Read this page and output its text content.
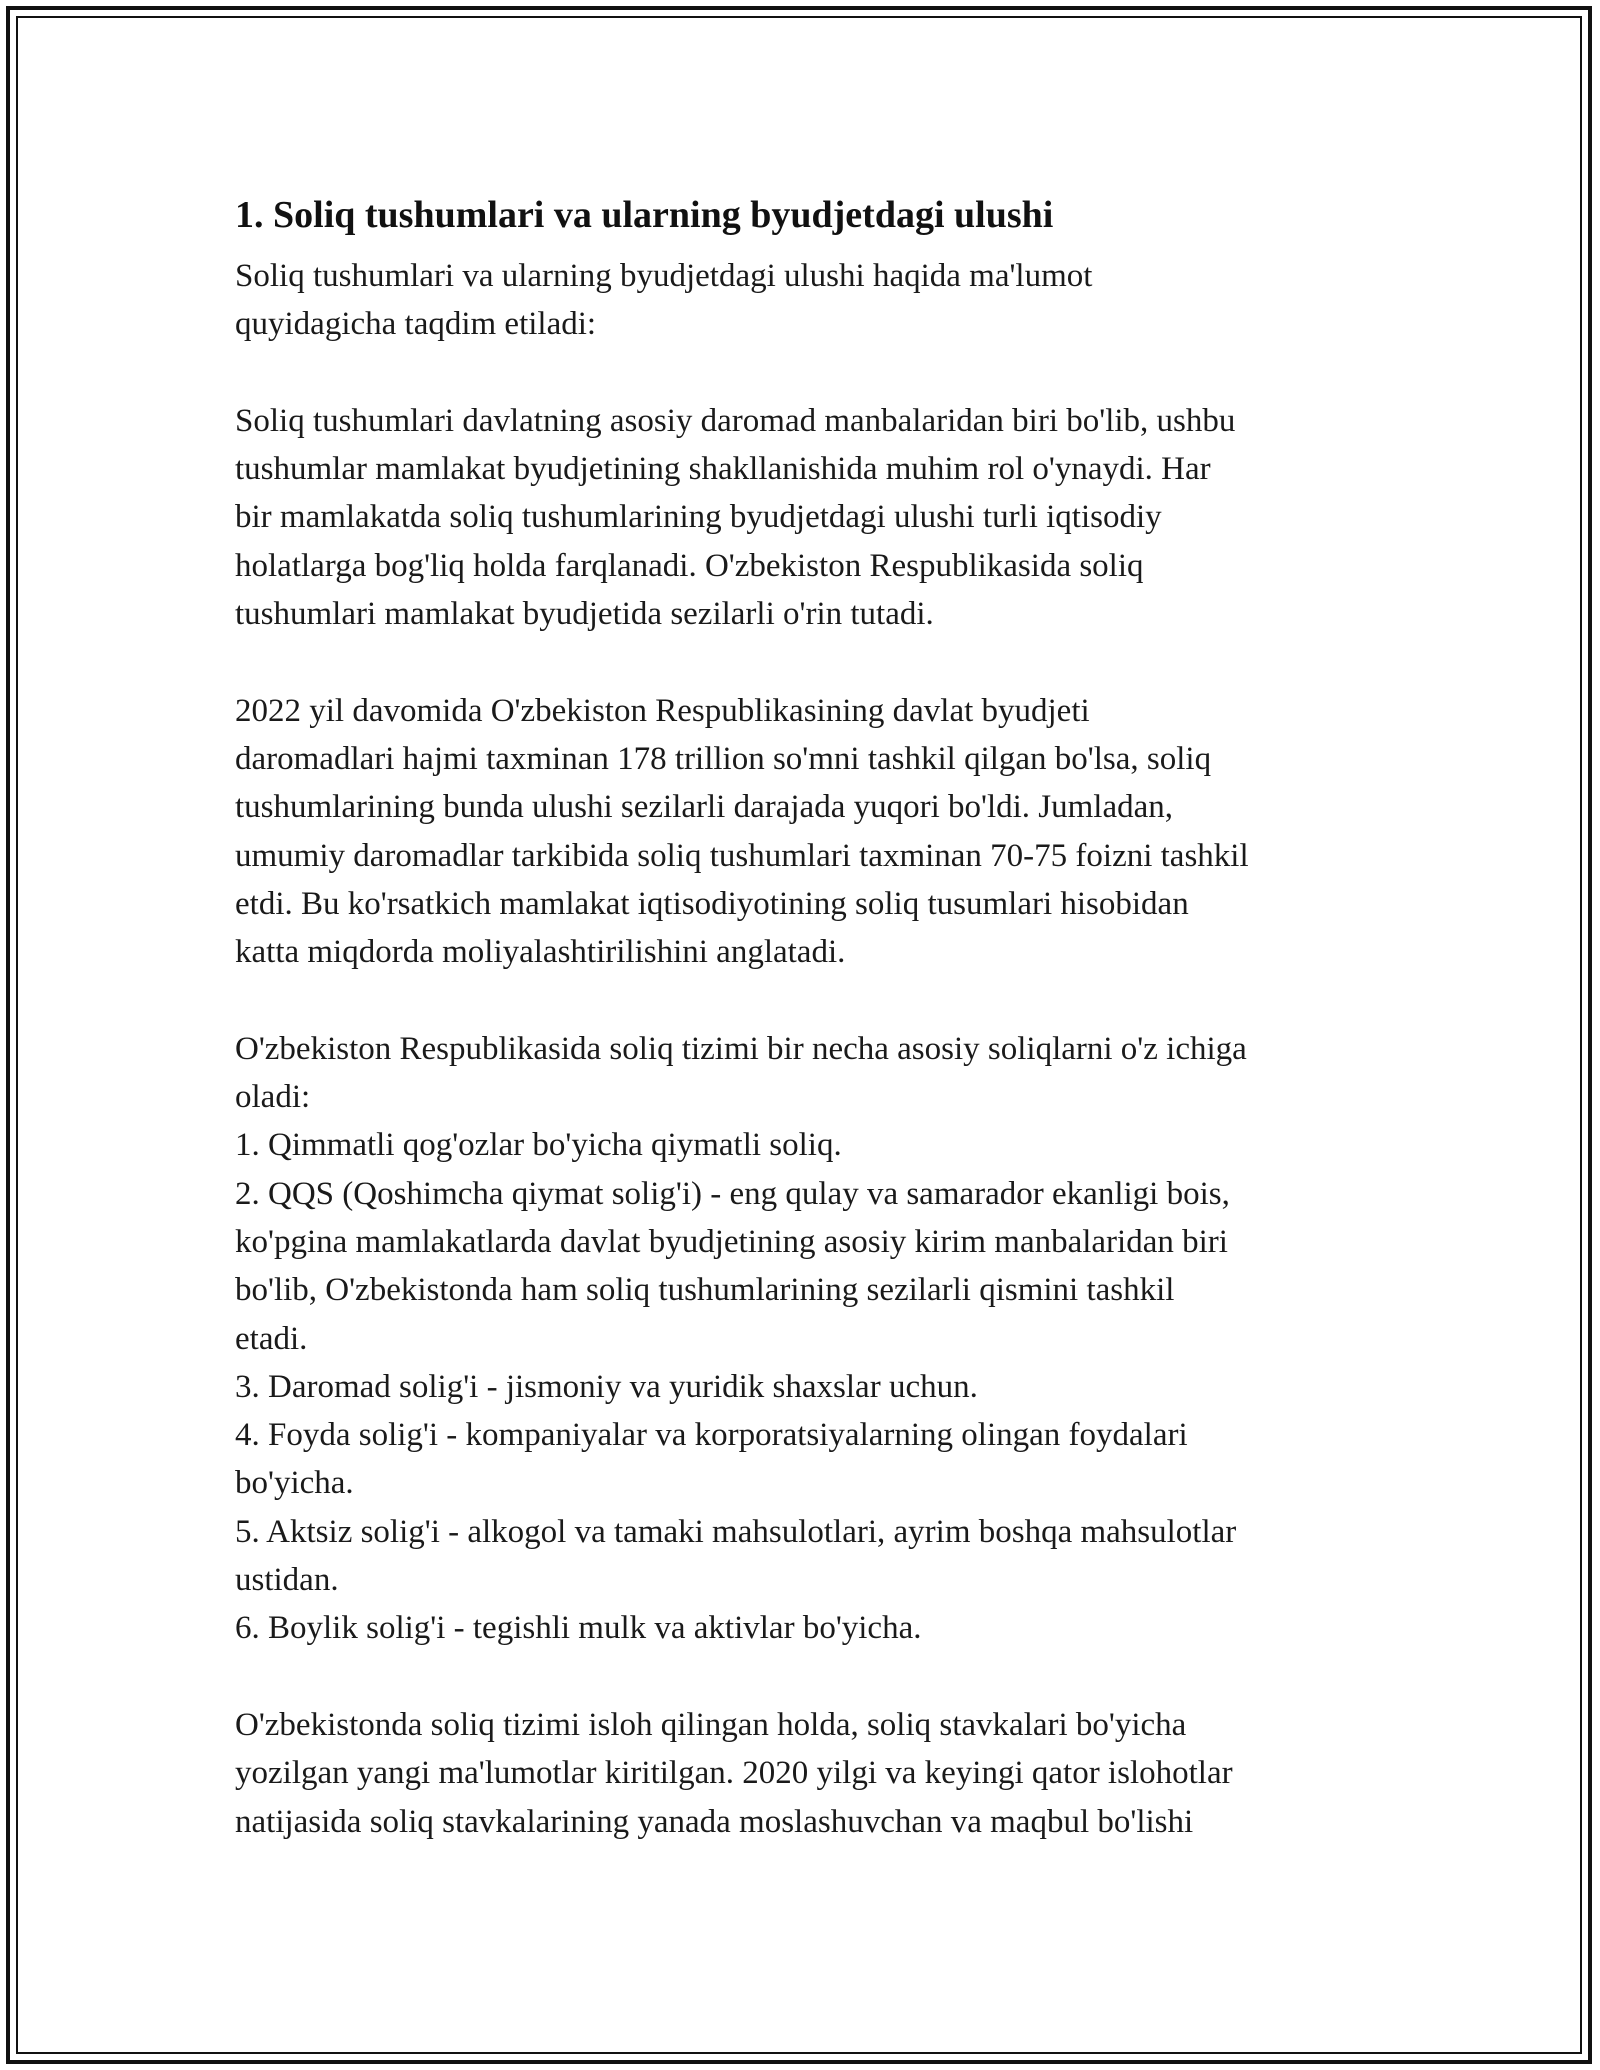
1. Soliq tushumlari va ularning byudjetdagi ulushi
Soliq tushumlari va ularning byudjetdagi ulushi haqida ma'lumot
quyidagicha taqdim etiladi:

Soliq tushumlari davlatning asosiy daromad manbalaridan biri bo'lib, ushbu
tushumlar mamlakat byudjetining shakllanishida muhim rol o'ynaydi. Har
bir mamlakatda soliq tushumlarining byudjetdagi ulushi turli iqtisodiy
holatlarga bog'liq holda farqlanadi. O'zbekiston Respublikasida soliq
tushumlari mamlakat byudjetida sezilarli o'rin tutadi.

2022 yil davomida O'zbekiston Respublikasining davlat byudjeti
daromadlari hajmi taxminan 178 trillion so'mni tashkil qilgan bo'lsa, soliq
tushumlarining bunda ulushi sezilarli darajada yuqori bo'ldi. Jumladan,
umumiy daromadlar tarkibida soliq tushumlari taxminan 70-75 foizni tashkil
etdi. Bu ko'rsatkich mamlakat iqtisodiyotining soliq tusumlari hisobidan
katta miqdorda moliyalashtirilishini anglatadi.

O'zbekiston Respublikasida soliq tizimi bir necha asosiy soliqlarni o'z ichiga
oladi:
1. Qimmatli qog'ozlar bo'yicha qiymatli soliq.
2. QQS (Qoshimcha qiymat solig'i) - eng qulay va samarador ekanligi bois,
ko'pgina mamlakatlarda davlat byudjetining asosiy kirim manbalaridan biri
bo'lib, O'zbekistonda ham soliq tushumlarining sezilarli qismini tashkil
etadi.
3. Daromad solig'i - jismoniy va yuridik shaxslar uchun.
4. Foyda solig'i - kompaniyalar va korporatsiyalarning olingan foydalari
bo'yicha.
5. Aktsiz solig'i - alkogol va tamaki mahsulotlari, ayrim boshqa mahsulotlar
ustidan.
6. Boylik solig'i - tegishli mulk va aktivlar bo'yicha.

O'zbekistonda soliq tizimi isloh qilingan holda, soliq stavkalari bo'yicha
yozilgan yangi ma'lumotlar kiritilgan. 2020 yilgi va keyingi qator islohotlar
natijasida soliq stavkalarining yanada moslashuvchan va maqbul bo'lishi
